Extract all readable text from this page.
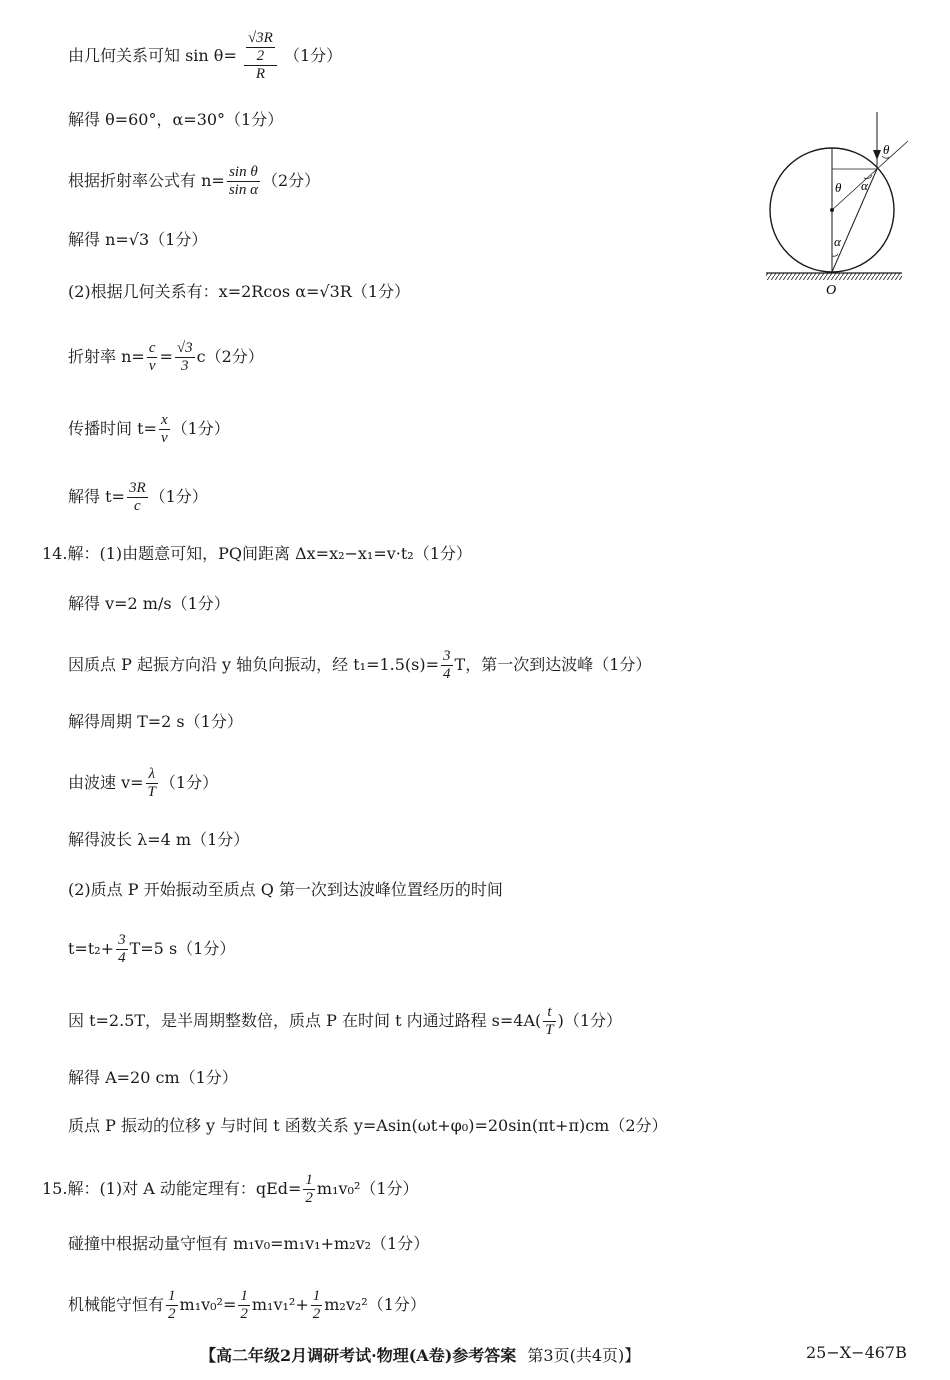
由几何关系可知 $\sin \theta= \frac{\frac{√3R}{2}}{R} (1$分）
解得 θ=60°，α=30°（1分）
根据折射率公式有 $n= \frac{\text{sin θ}}{\text{sin α}} (2$分）
解得 n=√3（1分）
(2)根据几何关系有：x=2Rcos α=√3R（1分）
折射率 $n= \frac{c}{v} = \frac{√3}{3} c(2$分）
传播时间 $t= \frac{x}{v} (1$分）
解得 $t= \frac{3R}{c} (1$分）
14.解：(1)由题意可知，PQ间距离 Δx=x₂−x₁=v·t₂（1分）
解得 v=2 m/s（1分）
因质点 P 起振方向沿 y 轴负向振动，经 $t_1=1.5(s)= \frac{3}{4}$ T，第一次到达波峰（1分）
解得周期 T=2 s（1分）
由波速 $v= \frac{\lambda}{T} (1$分）
解得波长 λ=4 m（1分）
(2)质点 P 开始振动至质点 Q 第一次到达波峰位置经历的时间
$t=t_2+ \frac{3}{4} T=5$ s（1分）
因 t=2.5T，是半周期整数倍，质点 P 在时间 t 内通过路程 $s=4A( \frac{t}{T} )(1$分）
解得 A=20 cm（1分）
质点 P 振动的位移 y 与时间 t 函数关系 y=Asin(ωt+φ₀)=20sin(πt+π)cm（2分）
15.解：(1)对 A 动能定理有：$qEd= \frac{1}{2} m_1v_0^2(1$分）
碰撞中根据动量守恒有 m₁v₀=m₁v₁+m₂v₂（1分）
机械能守恒有 $\frac{1}{2} m_1v_0^2= \frac{1}{2} m_1v_1^2+ \frac{1}{2} m_2v_2^2(1$分）
θ
θ α
α
O
【高二年级2月调研考试·物理(A卷)参考答案 第3页(共4页)】	25−X−467B
